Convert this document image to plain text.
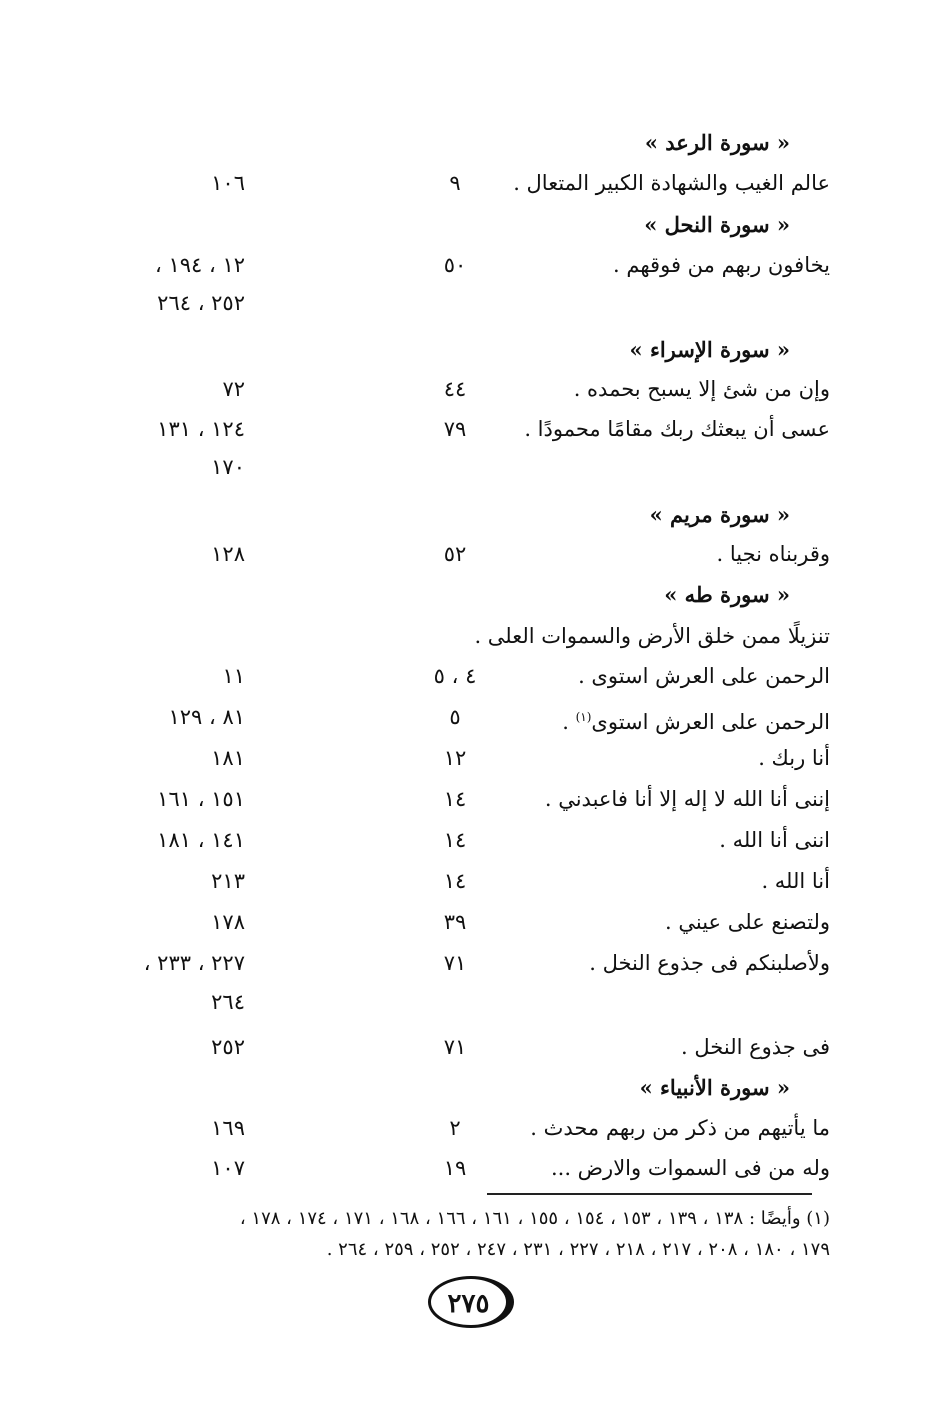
« سورة الرعد »
عالم الغيب والشهادة الكبير المتعال .
٩
١٠٦
« سورة النحل »
يخافون ربهم من فوقهم .
٥٠
١٢ ، ١٩٤ ،
٢٥٢ ، ٢٦٤
« سورة الإسراء »
وإن من شئ إلا يسبح بحمده .
٤٤
٧٢
عسى أن يبعثك ربك مقامًا محمودًا .
٧٩
١٢٤ ، ١٣١
١٧٠
« سورة مريم »
وقربناه نجيا .
٥٢
١٢٨
« سورة طه »
تنزيلًا ممن خلق الأرض والسموات العلى .
الرحمن على العرش استوى .
٤ ، ٥
١١
الرحمن على العرش استوى$^{(١)}$ .
٥
٨١ ، ١٢٩
أنا ربك .
١٢
١٨١
إننى أنا الله لا إله إلا أنا فاعبدني .
١٤
١٥١ ، ١٦١
اننى أنا الله .
١٤
١٤١ ، ١٨١
أنا الله .
١٤
٢١٣
ولتصنع على عيني .
٣٩
١٧٨
ولأصلبنكم فى جذوع النخل .
٧١
٢٢٧ ، ٢٣٣ ،
٢٦٤
فى جذوع النخل .
٧١
٢٥٢
« سورة الأنبياء »
ما يأتيهم من ذكر من ربهم محدث .
٢
١٦٩
وله من فى السموات والارض ...
١٩
١٠٧
(١) وأيضًا : ١٣٨ ، ١٣٩ ، ١٥٣ ، ١٥٤ ، ١٥٥ ، ١٦١ ، ١٦٦ ، ١٦٨ ، ١٧١ ، ١٧٤ ، ١٧٨ ،
١٧٩ ، ١٨٠ ، ٢٠٨ ، ٢١٧ ، ٢١٨ ، ٢٢٧ ، ٢٣١ ، ٢٤٧ ، ٢٥٢ ، ٢٥٩ ، ٢٦٤ .
٢٧٥
